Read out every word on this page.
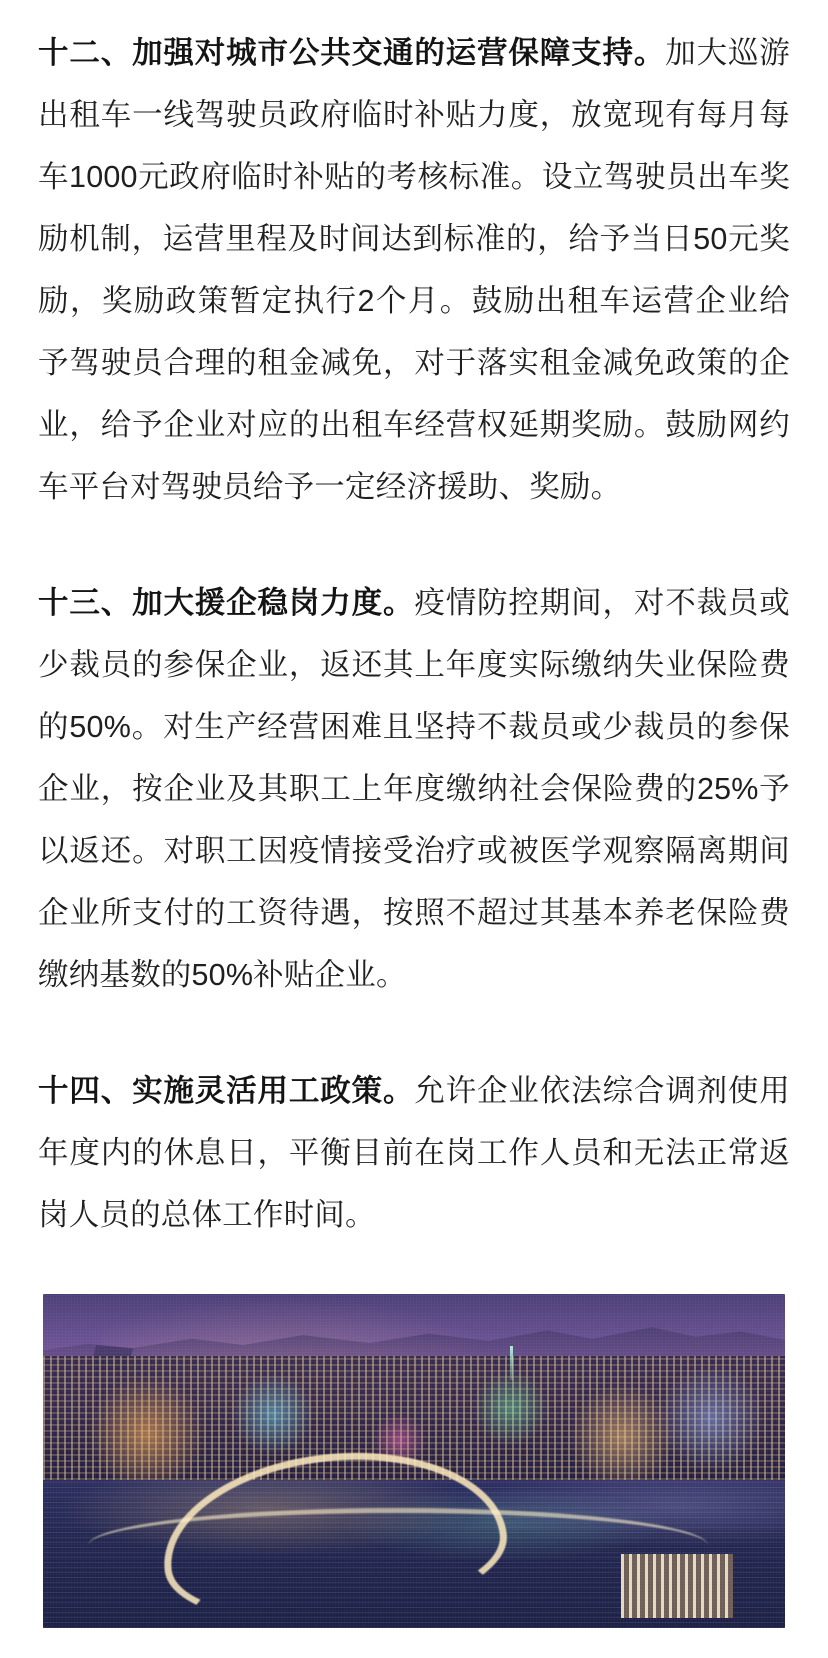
十二、加强对城市公共交通的运营保障支持。加大巡游出租车一线驾驶员政府临时补贴力度，放宽现有每月每车1000元政府临时补贴的考核标准。设立驾驶员出车奖励机制，运营里程及时间达到标准的，给予当日50元奖励，奖励政策暂定执行2个月。鼓励出租车运营企业给予驾驶员合理的租金减免，对于落实租金减免政策的企业，给予企业对应的出租车经营权延期奖励。鼓励网约车平台对驾驶员给予一定经济援助、奖励。

十三、加大援企稳岗力度。疫情防控期间，对不裁员或少裁员的参保企业，返还其上年度实际缴纳失业保险费的50%。对生产经营困难且坚持不裁员或少裁员的参保企业，按企业及其职工上年度缴纳社会保险费的25%予以返还。对职工因疫情接受治疗或被医学观察隔离期间企业所支付的工资待遇，按照不超过其基本养老保险费缴纳基数的50%补贴企业。

十四、实施灵活用工政策。允许企业依法综合调剂使用年度内的休息日，平衡目前在岗工作人员和无法正常返岗人员的总体工作时间。
